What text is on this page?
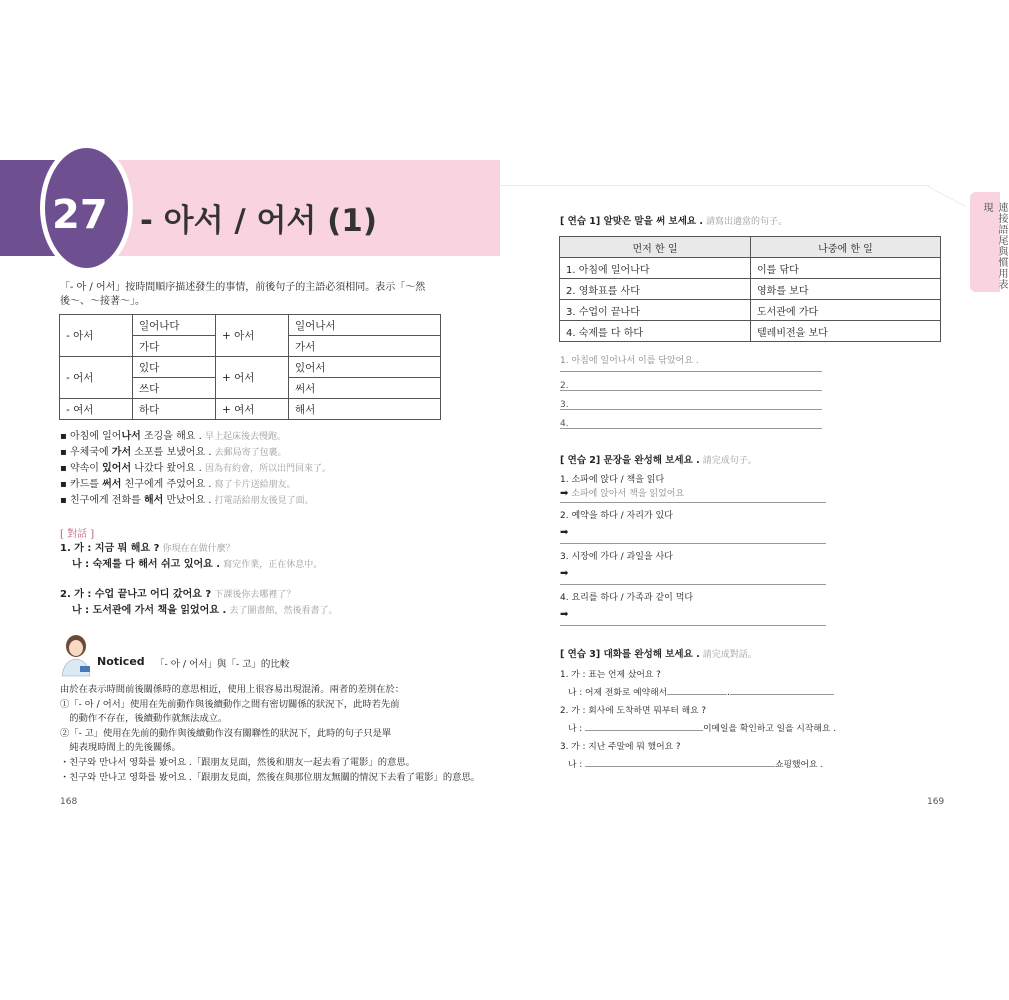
27 - 아서 / 어서 (1)	連接語尾與慣用表現
「- 아 / 어서」按時間順序描述發生的事情，前後句子的主語必須相同。表示「～然
後～、～接著～」。
- 아서	일어나다	+ 아서	일어나서
	가다		가서
- 어서	있다	+ 어서	있어서
	쓰다		써서
- 여서	하다	+ 여서	해서
▪ 아침에 일어나서 조깅을 해요 . 早上起床後去慢跑。
▪ 우체국에 가서 소포를 보냈어요 . 去郵局寄了包裹。
▪ 약속이 있어서 나갔다 왔어요 . 因為有約會，所以出門回來了。
▪ 카드를 써서 친구에게 주었어요 . 寫了卡片送給朋友。
▪ 친구에게 전화를 해서 만났어요 . 打電話給朋友後見了面。
[ 對話 ]
1. 가 : 지금 뭐 해요 ? 你現在在做什麼？
나 : 숙제를 다 해서 쉬고 있어요 . 寫完作業，正在休息中。
2. 가 : 수업 끝나고 어디 갔어요 ? 下課後你去哪裡了？
나 : 도서관에 가서 책을 읽었어요 . 去了圖書館，然後看書了。
Noticed 「- 아 / 어서」與「- 고」的比較
由於在表示時間前後關係時的意思相近，使用上很容易出現混淆。兩者的差別在於：
①「- 아 / 어서」使用在先前動作與後續動作之間有密切關係的狀況下，此時若先前
　的動作不存在，後續動作就無法成立。
②「- 고」使用在先前的動作與後續動作沒有關聯性的狀況下，此時的句子只是單
　純表現時間上的先後關係。
・친구와 만나서 영화를 봤어요 .「跟朋友見面，然後和朋友一起去看了電影」的意思。
・친구와 만나고 영화를 봤어요 .「跟朋友見面，然後在與那位朋友無關的情況下去看了電影」的意思。
168	169
[ 연습 1] 알맞은 말을 써 보세요 . 請寫出適當的句子。
먼저 한 일	나중에 한 일
1. 아침에 일어나다	이를 닦다
2. 영화표를 사다	영화를 보다
3. 수업이 끝나다	도서관에 가다
4. 숙제를 다 하다	텔레비전을 보다
1. 아침에 일어나서 이를 닦았어요 .
2.
3.
4.
[ 연습 2] 문장을 완성해 보세요 . 請完成句子。
1. 소파에 앉다 / 책을 읽다
➡ 소파에 앉아서 책을 읽었어요
2. 예약을 하다 / 자리가 있다
➡
3. 시장에 가다 / 과일을 사다
➡
4. 요리를 하다 / 가족과 같이 먹다
➡
[ 연습 3] 대화를 완성해 보세요 . 請完成對話。
1. 가 : 표는 언제 샀어요 ?
나 : 어제 전화로 예약해서	.
2. 가 : 회사에 도착하면 뭐부터 해요 ?
나 :	이메일을 확인하고 일을 시작해요 .
3. 가 : 지난 주말에 뭐 했어요 ?
나 :	쇼핑했어요 .
